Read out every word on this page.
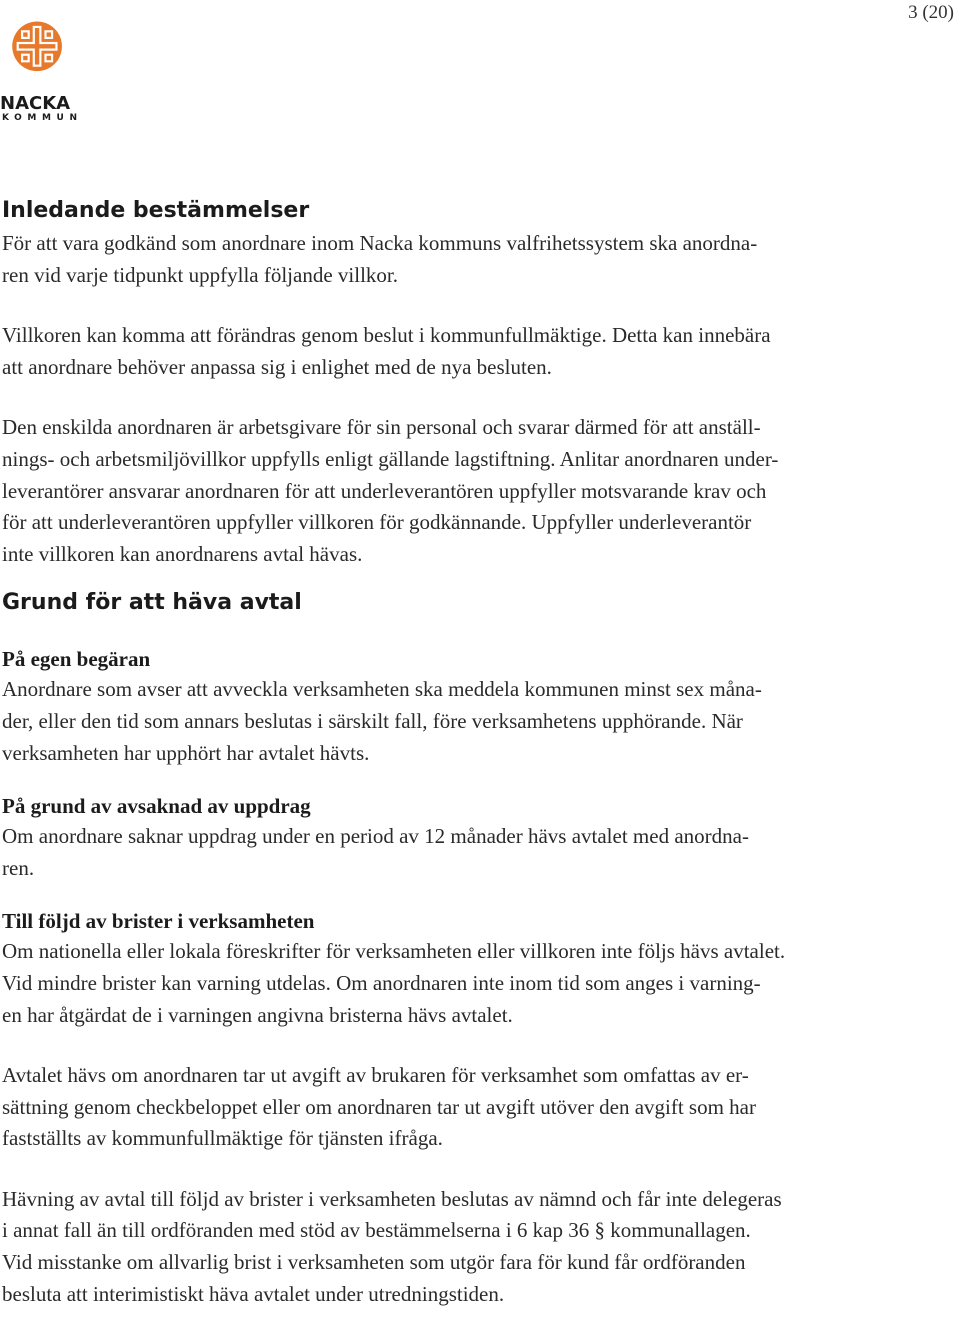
3 (20)
NACKA
KOMMUN
Inledande bestämmelser

För att vara godkänd som anordnare inom Nacka kommuns valfrihetssystem ska anordna-
ren vid varje tidpunkt uppfylla följande villkor.

Villkoren kan komma att förändras genom beslut i kommunfullmäktige. Detta kan innebära
att anordnare behöver anpassa sig i enlighet med de nya besluten.

Den enskilda anordnaren är arbetsgivare för sin personal och svarar därmed för att anställ-
nings- och arbetsmiljövillkor uppfylls enligt gällande lagstiftning. Anlitar anordnaren under-
leverantörer ansvarar anordnaren för att underleverantören uppfyller motsvarande krav och
för att underleverantören uppfyller villkoren för godkännande. Uppfyller underleverantör
inte villkoren kan anordnarens avtal hävas.

Grund för att häva avtal
På egen begäran

Anordnare som avser att avveckla verksamheten ska meddela kommunen minst sex måna-
der, eller den tid som annars beslutas i särskilt fall, före verksamhetens upphörande. När
verksamheten har upphört har avtalet hävts.

På grund av avsaknad av uppdrag

Om anordnare saknar uppdrag under en period av 12 månader hävs avtalet med anordna-
ren.

Till följd av brister i verksamheten

Om nationella eller lokala föreskrifter för verksamheten eller villkoren inte följs hävs avtalet.
Vid mindre brister kan varning utdelas. Om anordnaren inte inom tid som anges i varning-
en har åtgärdat de i varningen angivna bristerna hävs avtalet.

Avtalet hävs om anordnaren tar ut avgift av brukaren för verksamhet som omfattas av er-
sättning genom checkbeloppet eller om anordnaren tar ut avgift utöver den avgift som har
fastställts av kommunfullmäktige för tjänsten ifråga.

Hävning av avtal till följd av brister i verksamheten beslutas av nämnd och får inte delegeras
i annat fall än till ordföranden med stöd av bestämmelserna i 6 kap 36 § kommunallagen.
Vid misstanke om allvarlig brist i verksamheten som utgör fara för kund får ordföranden
besluta att interimistiskt häva avtalet under utredningstiden.
